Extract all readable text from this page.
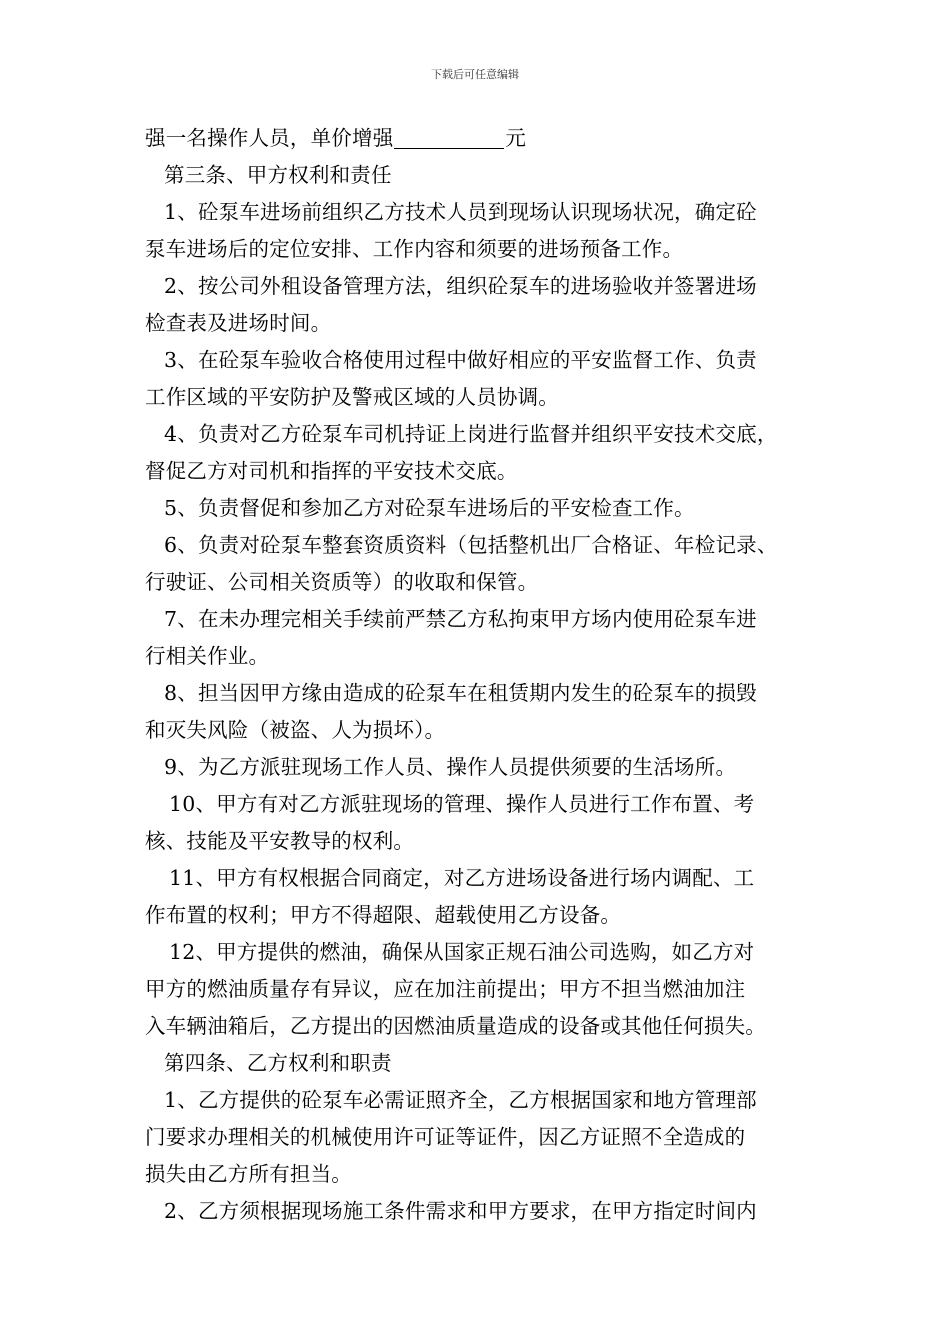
下载后可任意编辑
强一名操作人员，单价增强	元
第三条、甲方权利和责任
1、砼泵车进场前组织乙方技术人员到现场认识现场状况，确定砼
泵车进场后的定位安排、工作内容和须要的进场预备工作。
2、按公司外租设备管理方法，组织砼泵车的进场验收并签署进场
检查表及进场时间。
3、在砼泵车验收合格使用过程中做好相应的平安监督工作、负责
工作区域的平安防护及警戒区域的人员协调。
4、负责对乙方砼泵车司机持证上岗进行监督并组织平安技术交底，
督促乙方对司机和指挥的平安技术交底。
5、负责督促和参加乙方对砼泵车进场后的平安检查工作。
6、负责对砼泵车整套资质资料（包括整机出厂合格证、年检记录、
行驶证、公司相关资质等）的收取和保管。
7、在未办理完相关手续前严禁乙方私拘束甲方场内使用砼泵车进
行相关作业。
8、担当因甲方缘由造成的砼泵车在租赁期内发生的砼泵车的损毁
和灭失风险（被盗、人为损坏）。
9、为乙方派驻现场工作人员、操作人员提供须要的生活场所。
10、甲方有对乙方派驻现场的管理、操作人员进行工作布置、考
核、技能及平安教导的权利。
11、甲方有权根据合同商定，对乙方进场设备进行场内调配、工
作布置的权利；甲方不得超限、超载使用乙方设备。
12、甲方提供的燃油，确保从国家正规石油公司选购，如乙方对
甲方的燃油质量存有异议，应在加注前提出；甲方不担当燃油加注
入车辆油箱后，乙方提出的因燃油质量造成的设备或其他任何损失。
第四条、乙方权利和职责
1、乙方提供的砼泵车必需证照齐全，乙方根据国家和地方管理部
门要求办理相关的机械使用许可证等证件，因乙方证照不全造成的
损失由乙方所有担当。
2、乙方须根据现场施工条件需求和甲方要求，在甲方指定时间内
